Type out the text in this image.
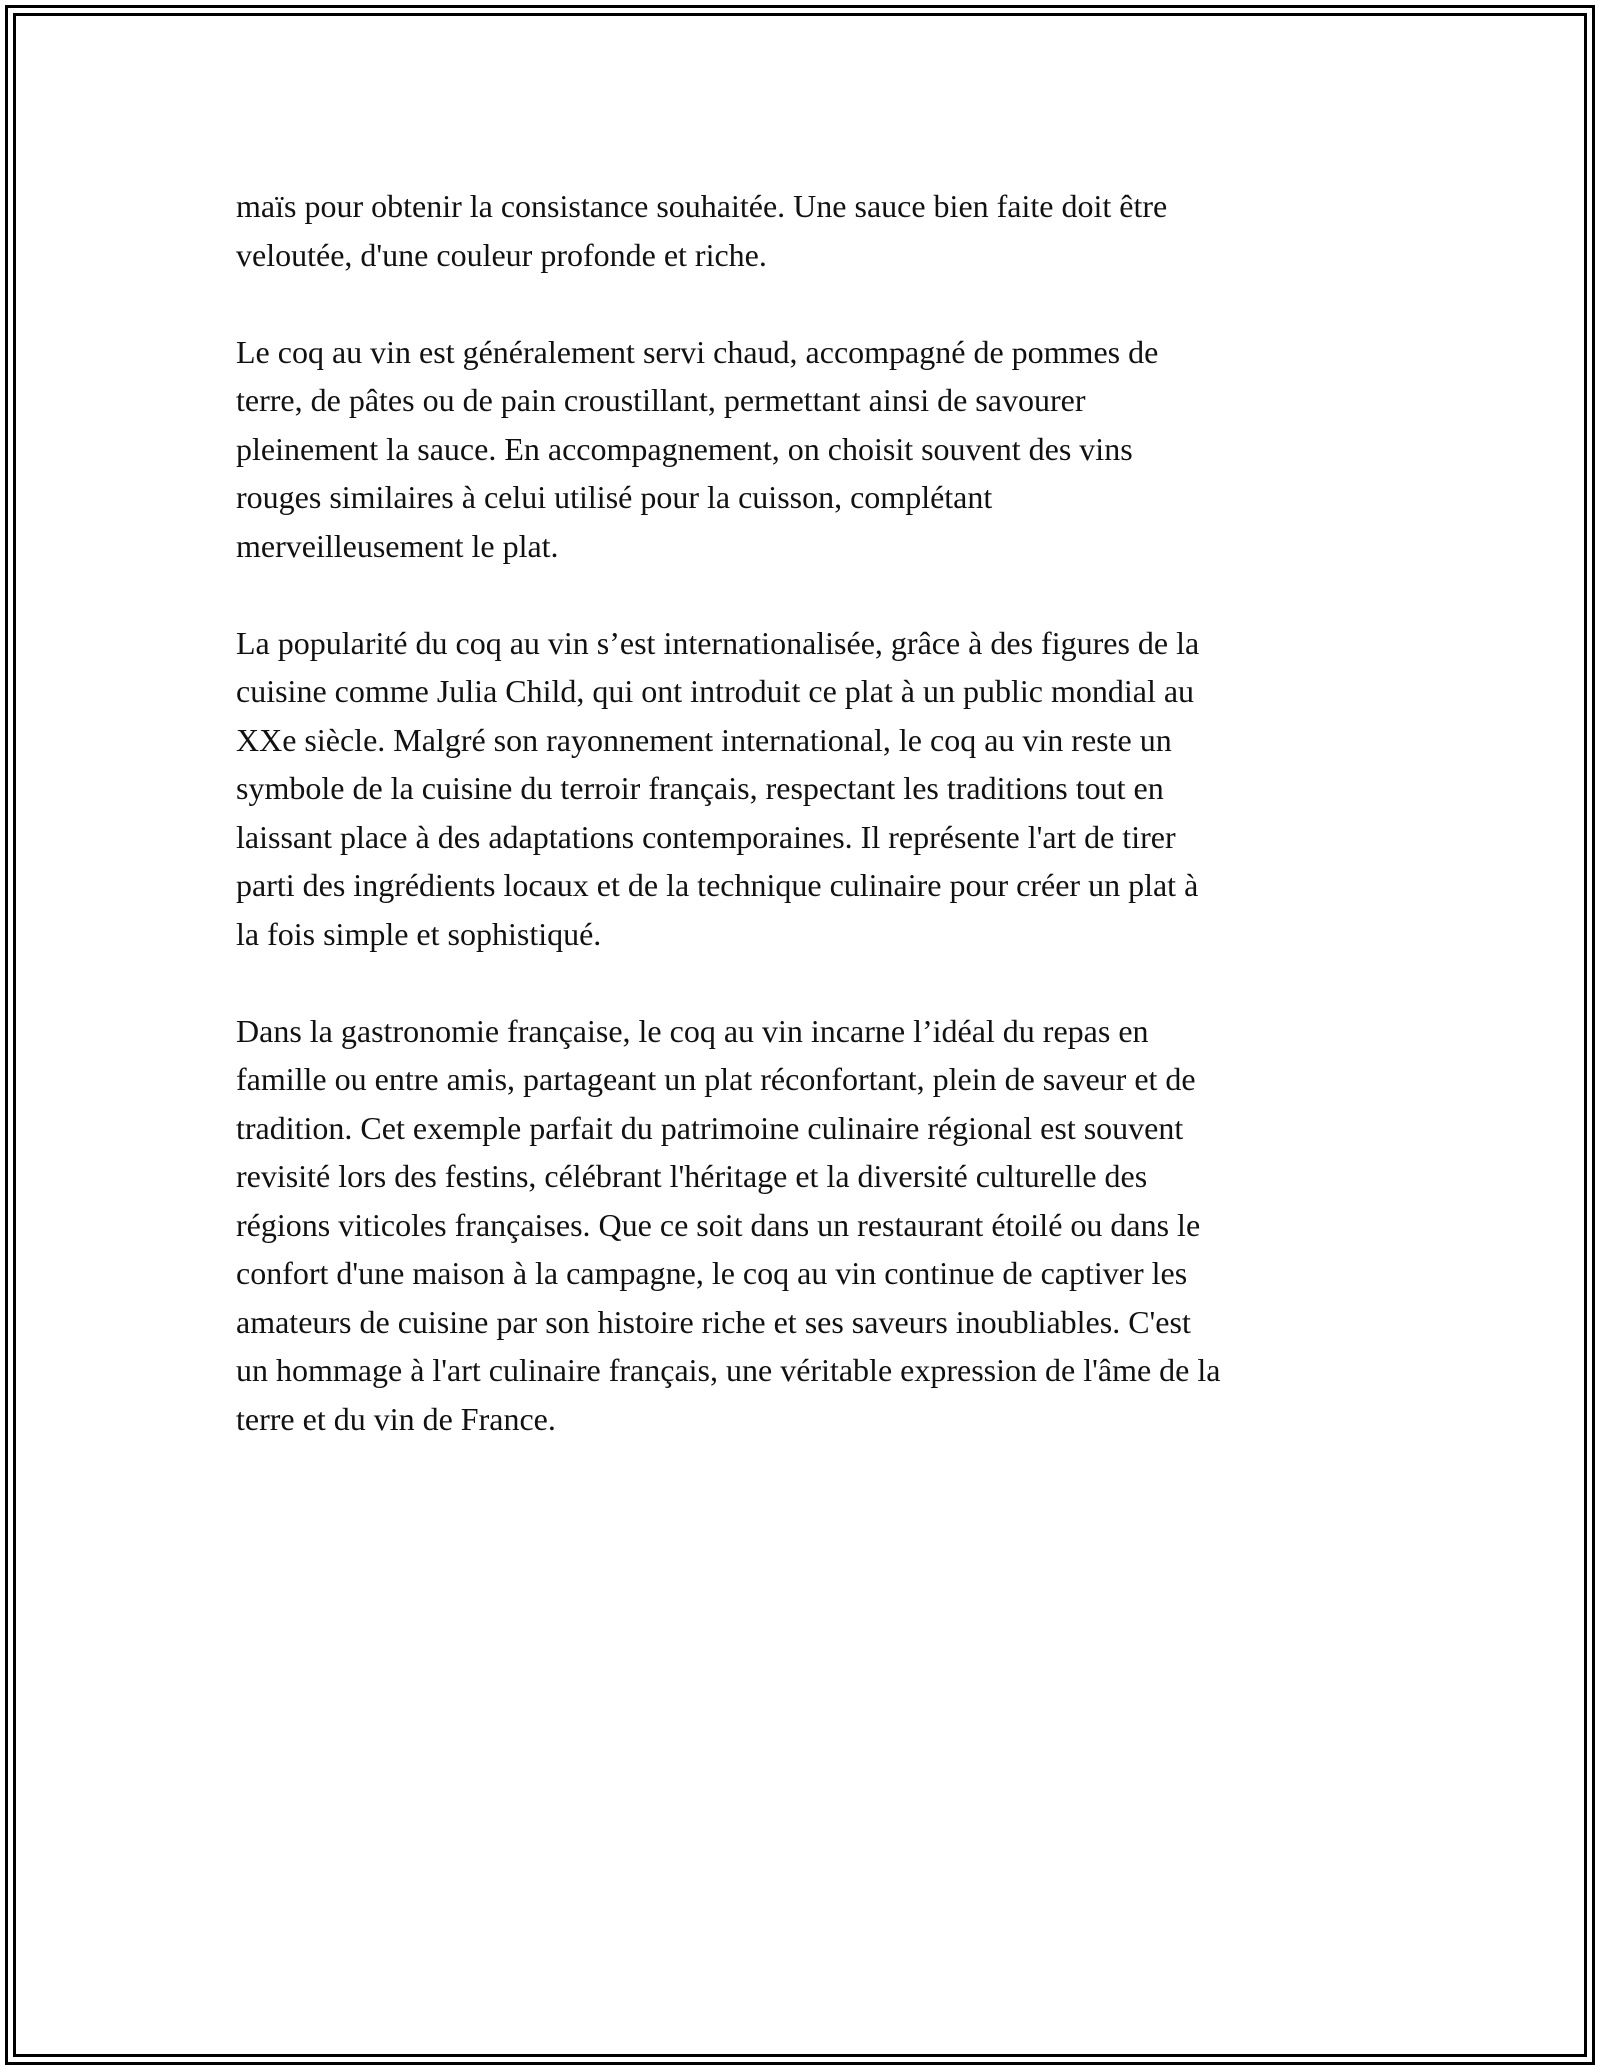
maïs pour obtenir la consistance souhaitée. Une sauce bien faite doit être
veloutée, d'une couleur profonde et riche.

Le coq au vin est généralement servi chaud, accompagné de pommes de
terre, de pâtes ou de pain croustillant, permettant ainsi de savourer
pleinement la sauce. En accompagnement, on choisit souvent des vins
rouges similaires à celui utilisé pour la cuisson, complétant
merveilleusement le plat.

La popularité du coq au vin s’est internationalisée, grâce à des figures de la
cuisine comme Julia Child, qui ont introduit ce plat à un public mondial au
XXe siècle. Malgré son rayonnement international, le coq au vin reste un
symbole de la cuisine du terroir français, respectant les traditions tout en
laissant place à des adaptations contemporaines. Il représente l'art de tirer
parti des ingrédients locaux et de la technique culinaire pour créer un plat à
la fois simple et sophistiqué.

Dans la gastronomie française, le coq au vin incarne l’idéal du repas en
famille ou entre amis, partageant un plat réconfortant, plein de saveur et de
tradition. Cet exemple parfait du patrimoine culinaire régional est souvent
revisité lors des festins, célébrant l'héritage et la diversité culturelle des
régions viticoles françaises. Que ce soit dans un restaurant étoilé ou dans le
confort d'une maison à la campagne, le coq au vin continue de captiver les
amateurs de cuisine par son histoire riche et ses saveurs inoubliables. C'est
un hommage à l'art culinaire français, une véritable expression de l'âme de la
terre et du vin de France.
